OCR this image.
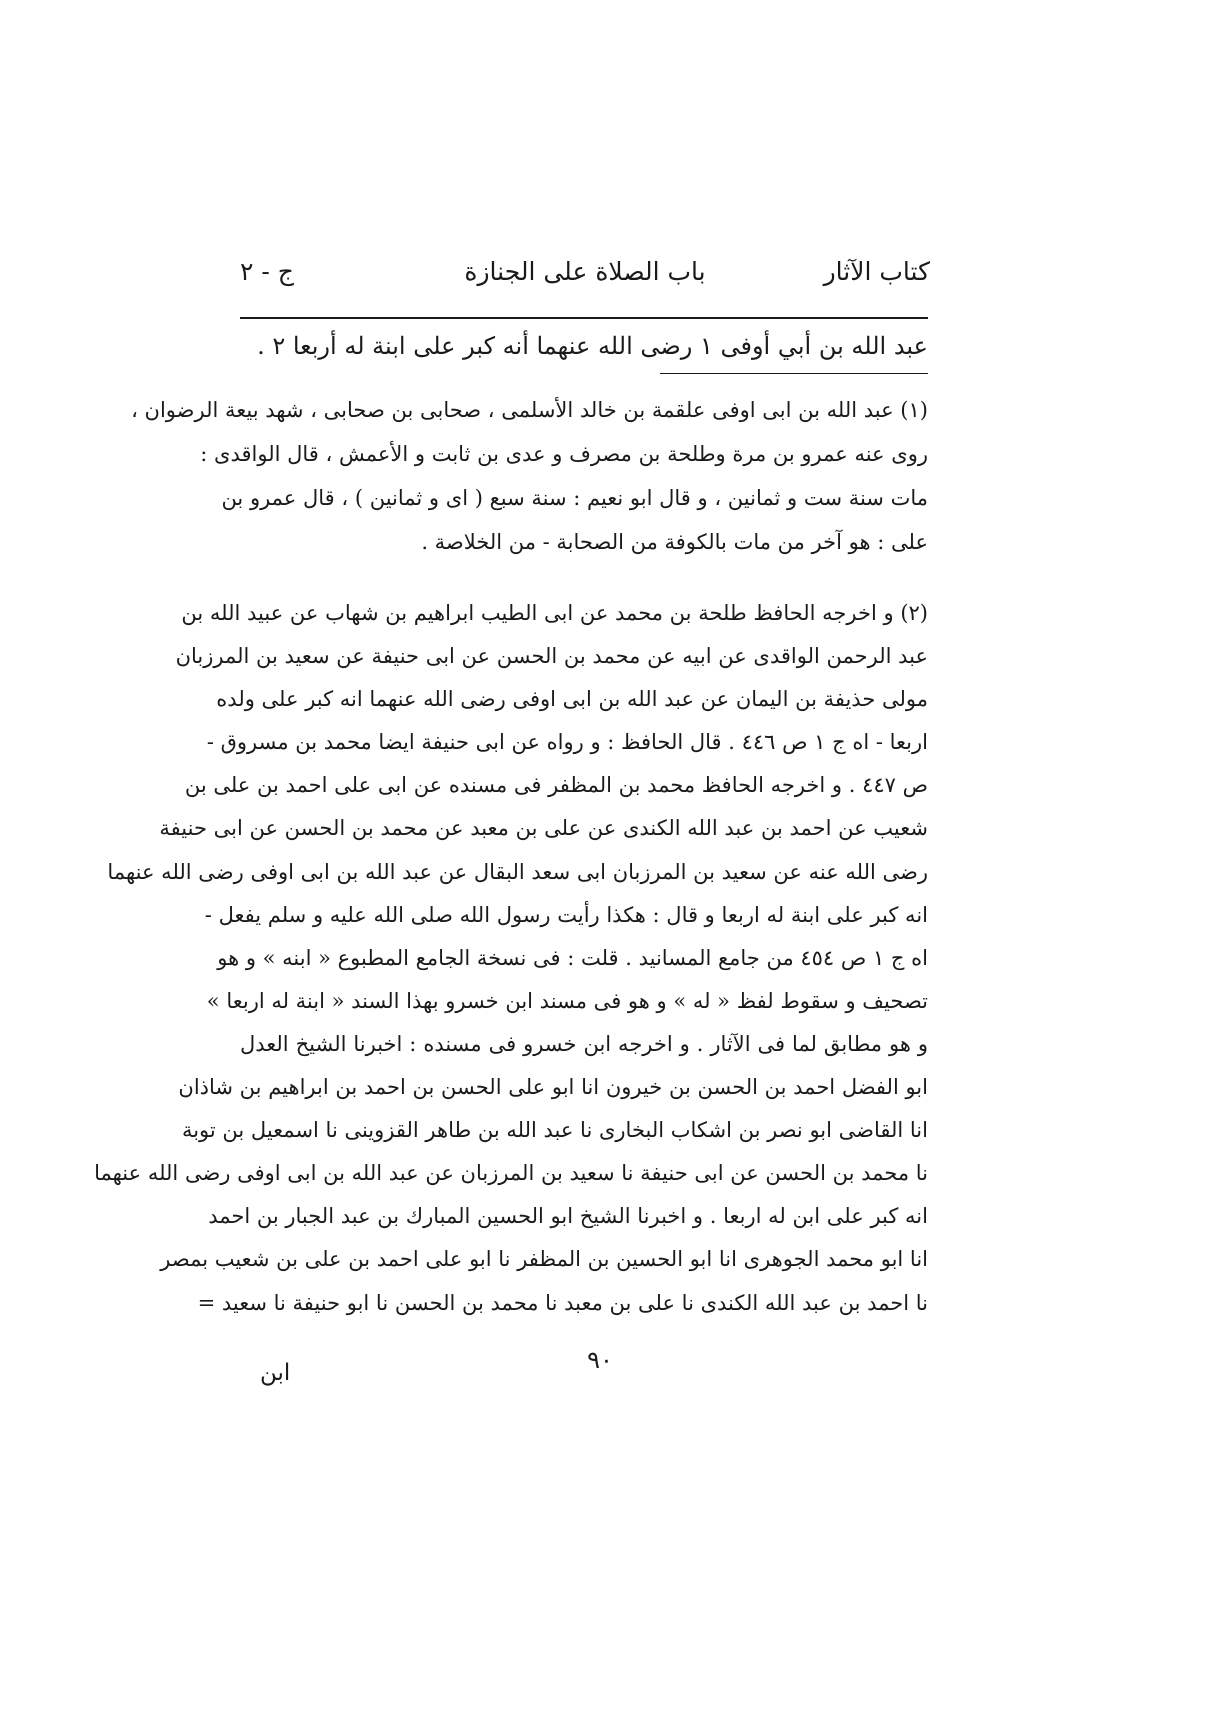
كتاب الآثار
باب الصلاة على الجنازة
ج - ٢
عبد الله بن أبي أوفى ١ رضى الله عنهما أنه كبر على ابنة له أربعا ٢ .
(١) عبد الله بن ابى اوفى علقمة بن خالد الأسلمى ، صحابى بن صحابى ، شهد بيعة الرضوان ،
روى عنه عمرو بن مرة وطلحة بن مصرف و عدى بن ثابت و الأعمش ، قال الواقدى :
مات سنة ست و ثمانين ، و قال ابو نعيم : سنة سبع ( اى و ثمانين ) ، قال عمرو بن
على : هو آخر من مات بالكوفة من الصحابة - من الخلاصة .
(٢) و اخرجه الحافظ طلحة بن محمد عن ابى الطيب ابراهيم بن شهاب عن عبيد الله بن
عبد الرحمن الواقدى عن ابيه عن محمد بن الحسن عن ابى حنيفة عن سعيد بن المرزبان
مولى حذيفة بن اليمان عن عبد الله بن ابى اوفى رضى الله عنهما انه كبر على ولده
اربعا - اه ج ١ ص ٤٤٦ . قال الحافظ : و رواه عن ابى حنيفة ايضا محمد بن مسروق -
ص ٤٤٧ . و اخرجه الحافظ محمد بن المظفر فى مسنده عن ابى على احمد بن على بن
شعيب عن احمد بن عبد الله الكندى عن على بن معبد عن محمد بن الحسن عن ابى حنيفة
رضى الله عنه عن سعيد بن المرزبان ابى سعد البقال عن عبد الله بن ابى اوفى رضى الله عنهما
انه كبر على ابنة له اربعا و قال : هكذا رأيت رسول الله صلى الله عليه و سلم يفعل -
اه ج ١ ص ٤٥٤ من جامع المسانيد . قلت : فى نسخة الجامع المطبوع « ابنه » و هو
تصحيف و سقوط لفظ « له » و هو فى مسند ابن خسرو بهذا السند « ابنة له اربعا »
و هو مطابق لما فى الآثار . و اخرجه ابن خسرو فى مسنده : اخبرنا الشيخ العدل
ابو الفضل احمد بن الحسن بن خيرون انا ابو على الحسن بن احمد بن ابراهيم بن شاذان
انا القاضى ابو نصر بن اشكاب البخارى نا عبد الله بن طاهر القزوينى نا اسمعيل بن توبة
نا محمد بن الحسن عن ابى حنيفة نا سعيد بن المرزبان عن عبد الله بن ابى اوفى رضى الله عنهما
انه كبر على ابن له اربعا . و اخبرنا الشيخ ابو الحسين المبارك بن عبد الجبار بن احمد
انا ابو محمد الجوهرى انا ابو الحسين بن المظفر نا ابو على احمد بن على بن شعيب بمصر
نا احمد بن عبد الله الكندى نا على بن معبد نا محمد بن الحسن نا ابو حنيفة نا سعيد =
٩٠
ابن
